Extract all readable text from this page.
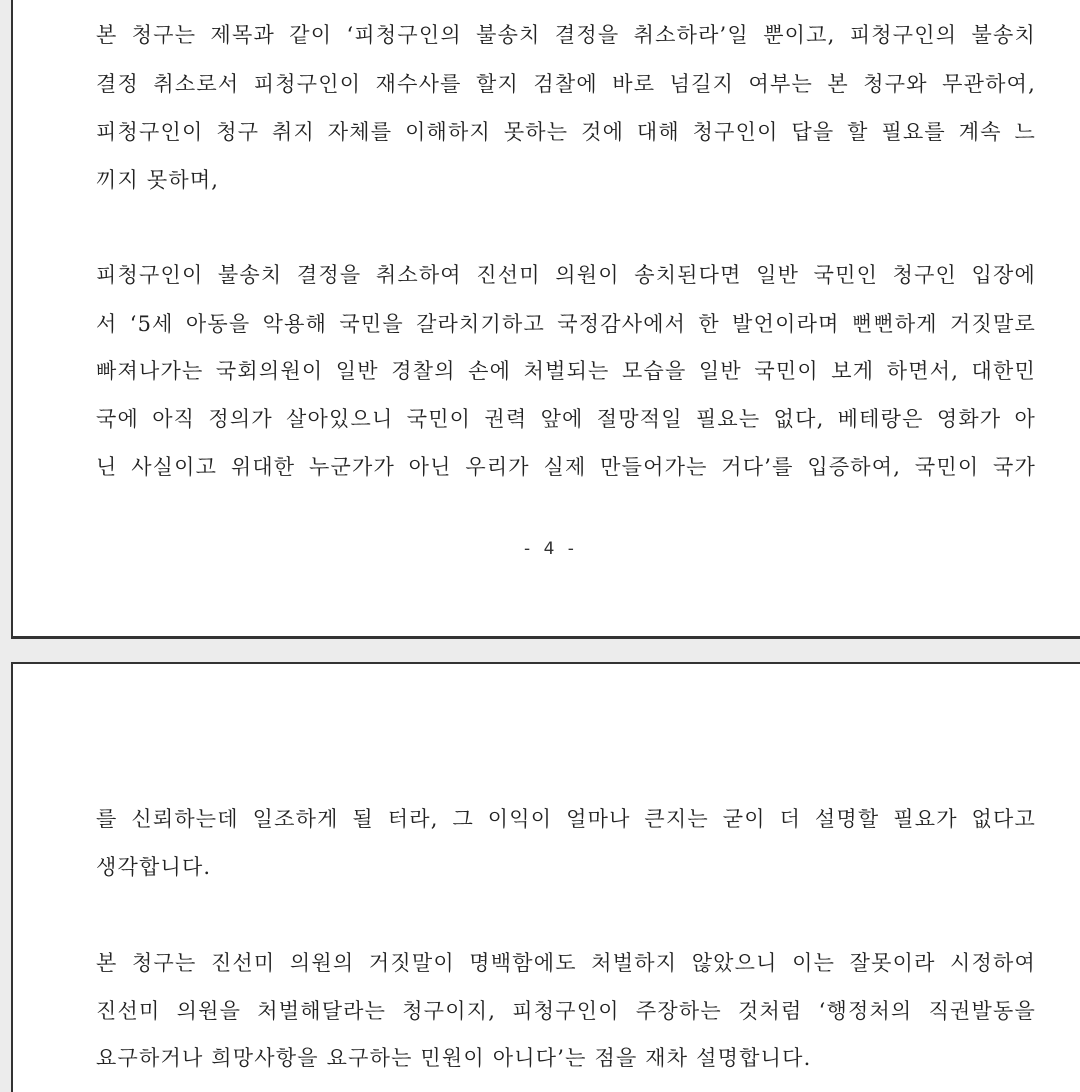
본 청구는 제목과 같이 ‘피청구인의 불송치 결정을 취소하라’일 뿐이고, 피청구인의 불송치
결정 취소로서 피청구인이 재수사를 할지 검찰에 바로 넘길지 여부는 본 청구와 무관하여,
피청구인이 청구 취지 자체를 이해하지 못하는 것에 대해 청구인이 답을 할 필요를 계속 느
끼지 못하며,
피청구인이 불송치 결정을 취소하여 진선미 의원이 송치된다면 일반 국민인 청구인 입장에
서 ‘5세 아동을 악용해 국민을 갈라치기하고 국정감사에서 한 발언이라며 뻔뻔하게 거짓말로
빠져나가는 국회의원이 일반 경찰의 손에 처벌되는 모습을 일반 국민이 보게 하면서, 대한민
국에 아직 정의가 살아있으니 국민이 권력 앞에 절망적일 필요는 없다, 베테랑은 영화가 아
닌 사실이고 위대한 누군가가 아닌 우리가 실제 만들어가는 거다’를 입증하여, 국민이 국가
- 4 -
를 신뢰하는데 일조하게 될 터라, 그 이익이 얼마나 큰지는 굳이 더 설명할 필요가 없다고
생각합니다.
본 청구는 진선미 의원의 거짓말이 명백함에도 처벌하지 않았으니 이는 잘못이라 시정하여
진선미 의원을 처벌해달라는 청구이지, 피청구인이 주장하는 것처럼 ‘행정처의 직권발동을
요구하거나 희망사항을 요구하는 민원이 아니다’는 점을 재차 설명합니다.
